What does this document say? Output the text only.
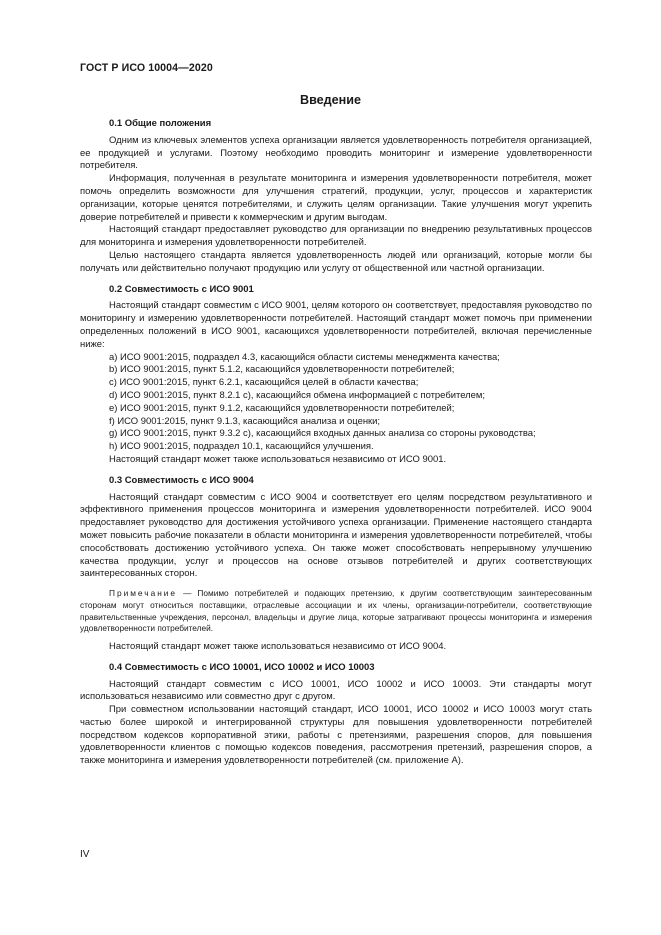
ГОСТ Р ИСО 10004—2020
Введение

0.1 Общие положения

Одним из ключевых элементов успеха организации является удовлетворенность потребителя организацией, ее продукцией и услугами. Поэтому необходимо проводить мониторинг и измерение удовлетворенности потребителя.

Информация, полученная в результате мониторинга и измерения удовлетворенности потребителя, может помочь определить возможности для улучшения стратегий, продукции, услуг, процессов и характеристик организации, которые ценятся потребителями, и служить целям организации. Такие улучшения могут укрепить доверие потребителей и привести к коммерческим и другим выгодам.

Настоящий стандарт предоставляет руководство для организации по внедрению результативных процессов для мониторинга и измерения удовлетворенности потребителей.

Целью настоящего стандарта является удовлетворенность людей или организаций, которые могли бы получать или действительно получают продукцию или услугу от общественной или частной организации.

0.2 Совместимость с ИСО 9001

Настоящий стандарт совместим с ИСО 9001, целям которого он соответствует, предоставляя руководство по мониторингу и измерению удовлетворенности потребителей. Настоящий стандарт может помочь при применении определенных положений в ИСО 9001, касающихся удовлетворенности потребителей, включая перечисленные ниже:

a) ИСО 9001:2015, подраздел 4.3, касающийся области системы менеджмента качества;

b) ИСО 9001:2015, пункт 5.1.2, касающийся удовлетворенности потребителей;

c) ИСО 9001:2015, пункт 6.2.1, касающийся целей в области качества;

d) ИСО 9001:2015, пункт 8.2.1 c), касающийся обмена информацией с потребителем;

e) ИСО 9001:2015, пункт 9.1.2, касающийся удовлетворенности потребителей;

f) ИСО 9001:2015, пункт 9.1.3, касающийся анализа и оценки;

g) ИСО 9001:2015, пункт 9.3.2 c), касающийся входных данных анализа со стороны руководства;

h) ИСО 9001:2015, подраздел 10.1, касающийся улучшения.

Настоящий стандарт может также использоваться независимо от ИСО 9001.

0.3 Совместимость с ИСО 9004

Настоящий стандарт совместим с ИСО 9004 и соответствует его целям посредством результативного и эффективного применения процессов мониторинга и измерения удовлетворенности потребителей. ИСО 9004 предоставляет руководство для достижения устойчивого успеха организации. Применение настоящего стандарта может повысить рабочие показатели в области мониторинга и измерения удовлетворенности потребителей, чтобы способствовать достижению устойчивого успеха. Он также может способствовать непрерывному улучшению качества продукции, услуг и процессов на основе отзывов потребителей и других соответствующих заинтересованных сторон.

Примечание — Помимо потребителей и подающих претензию, к другим соответствующим заинтересованным сторонам могут относиться поставщики, отраслевые ассоциации и их члены, организации-потребители, соответствующие правительственные учреждения, персонал, владельцы и другие лица, которые затрагивают процессы мониторинга и измерения удовлетворенности потребителей.

Настоящий стандарт может также использоваться независимо от ИСО 9004.

0.4 Совместимость с ИСО 10001, ИСО 10002 и ИСО 10003

Настоящий стандарт совместим с ИСО 10001, ИСО 10002 и ИСО 10003. Эти стандарты могут использоваться независимо или совместно друг с другом.

При совместном использовании настоящий стандарт, ИСО 10001, ИСО 10002 и ИСО 10003 могут стать частью более широкой и интегрированной структуры для повышения удовлетворенности потребителей посредством кодексов корпоративной этики, работы с претензиями, разрешения споров, для повышения удовлетворенности клиентов с помощью кодексов поведения, рассмотрения претензий, разрешения споров, а также мониторинга и измерения удовлетворенности потребителей (см. приложение А).

IV
